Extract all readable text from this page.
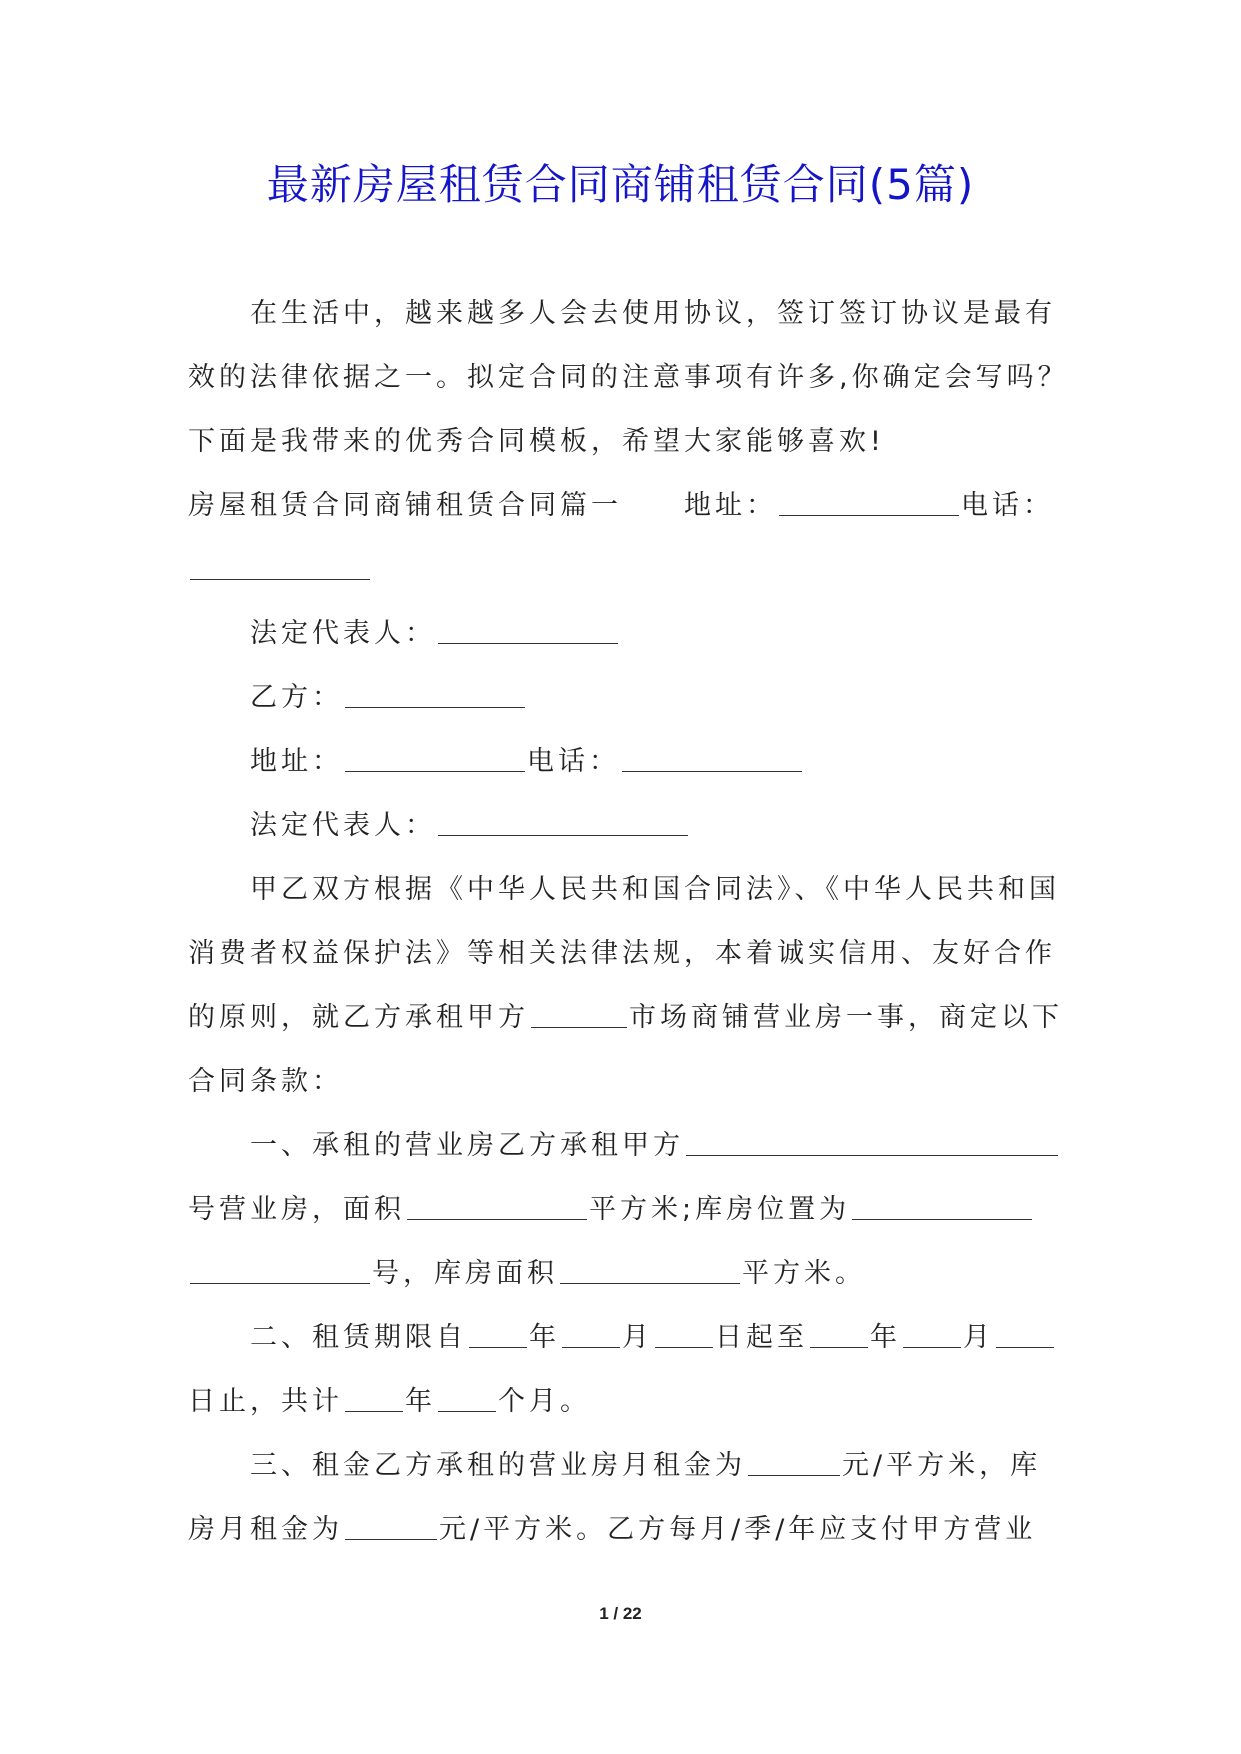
最新房屋租赁合同商铺租赁合同(5篇)
在生活中，越来越多人会去使用协议，签订签订协议是最有
效的法律依据之一。拟定合同的注意事项有许多,你确定会写吗？
下面是我带来的优秀合同模板，希望大家能够喜欢!
房屋租赁合同商铺租赁合同篇一 地址：	电话：
法定代表人：
乙方：
地址：	电话：
法定代表人：
甲乙双方根据《中华人民共和国合同法》、《中华人民共和国
消费者权益保护法》等相关法律法规，本着诚实信用、友好合作
的原则，就乙方承租甲方	市场商铺营业房一事，商定以下
合同条款：
一、承租的营业房乙方承租甲方
号营业房，面积	平方米;库房位置为
号，库房面积	平方米。
二、租赁期限自 年 月 日起至 年 月
日止，共计 年 个月。
三、租金乙方承租的营业房月租金为	元/平方米，库
房月租金为	元/平方米。乙方每月/季/年应支付甲方营业
1 / 22
